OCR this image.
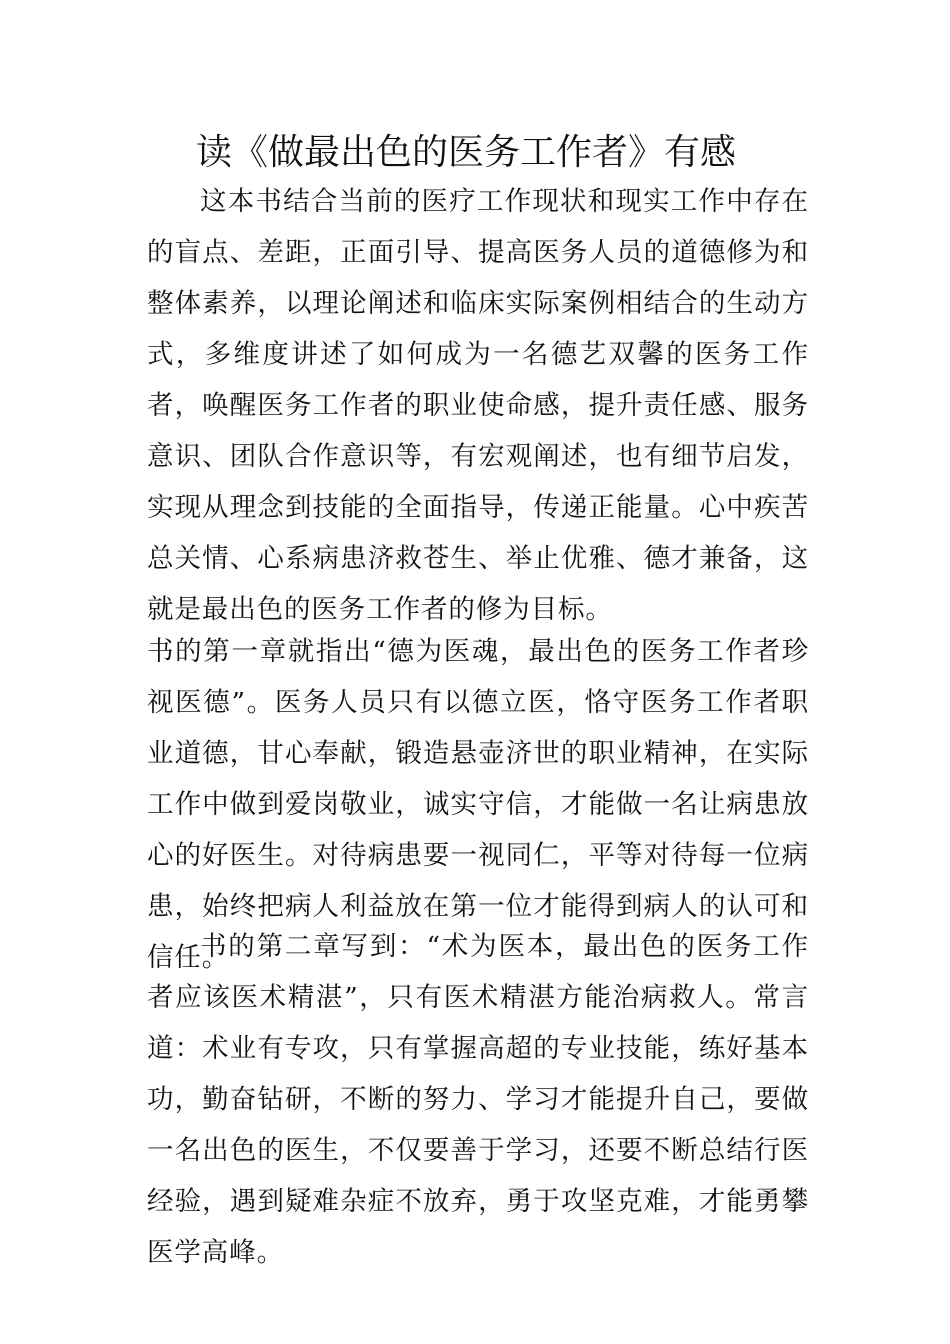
读《做最出色的医务工作者》有感

这本书结合当前的医疗工作现状和现实工作中存在的盲点、差距，正面引导、提高医务人员的道德修为和整体素养，以理论阐述和临床实际案例相结合的生动方式，多维度讲述了如何成为一名德艺双馨的医务工作者，唤醒医务工作者的职业使命感，提升责任感、服务意识、团队合作意识等，有宏观阐述，也有细节启发，实现从理念到技能的全面指导，传递正能量。心中疾苦总关情、心系病患济救苍生、举止优雅、德才兼备，这就是最出色的医务工作者的修为目标。

书的第一章就指出“德为医魂，最出色的医务工作者珍视医德”。医务人员只有以德立医，恪守医务工作者职业道德，甘心奉献，锻造悬壶济世的职业精神，在实际工作中做到爱岗敬业，诚实守信，才能做一名让病患放心的好医生。对待病患要一视同仁，平等对待每一位病患，始终把病人利益放在第一位才能得到病人的认可和信任。

书的第二章写到：“术为医本，最出色的医务工作者应该医术精湛”，只有医术精湛方能治病救人。常言道：术业有专攻，只有掌握高超的专业技能，练好基本功，勤奋钻研，不断的努力、学习才能提升自己，要做一名出色的医生，不仅要善于学习，还要不断总结行医经验，遇到疑难杂症不放弃，勇于攻坚克难，才能勇攀医学高峰。
